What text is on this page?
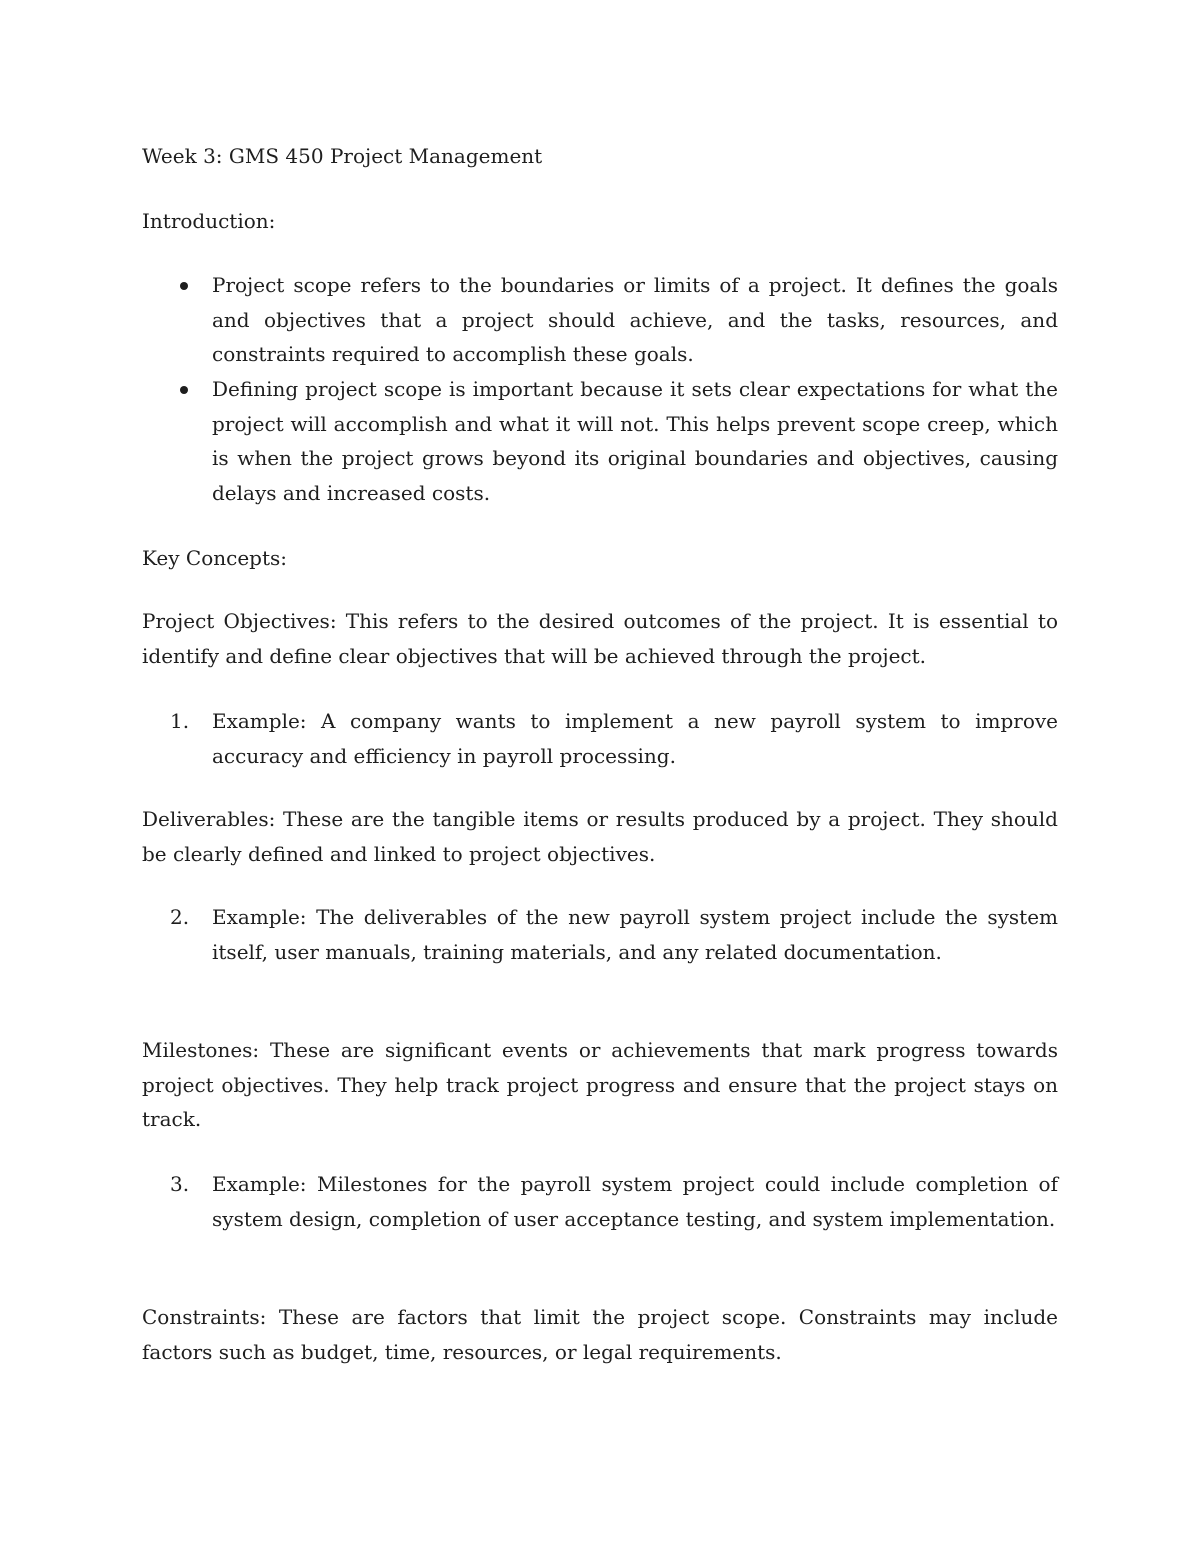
Week 3: GMS 450 Project Management

Introduction:

Project scope refers to the boundaries or limits of a project. It defines the goals and objectives that a project should achieve, and the tasks, resources, and constraints required to accomplish these goals.

Defining project scope is important because it sets clear expectations for what the project will accomplish and what it will not. This helps prevent scope creep, which is when the project grows beyond its original boundaries and objectives, causing delays and increased costs.

Key Concepts:

Project Objectives: This refers to the desired outcomes of the project. It is essential to identify and define clear objectives that will be achieved through the project.

1.	Example: A company wants to implement a new payroll system to improve accuracy and efficiency in payroll processing.

Deliverables: These are the tangible items or results produced by a project. They should be clearly defined and linked to project objectives.

2.	Example: The deliverables of the new payroll system project include the system itself, user manuals, training materials, and any related documentation.

Milestones: These are significant events or achievements that mark progress towards project objectives. They help track project progress and ensure that the project stays on track.

3.	Example: Milestones for the payroll system project could include completion of system design, completion of user acceptance testing, and system implementation.

Constraints: These are factors that limit the project scope. Constraints may include factors such as budget, time, resources, or legal requirements.
